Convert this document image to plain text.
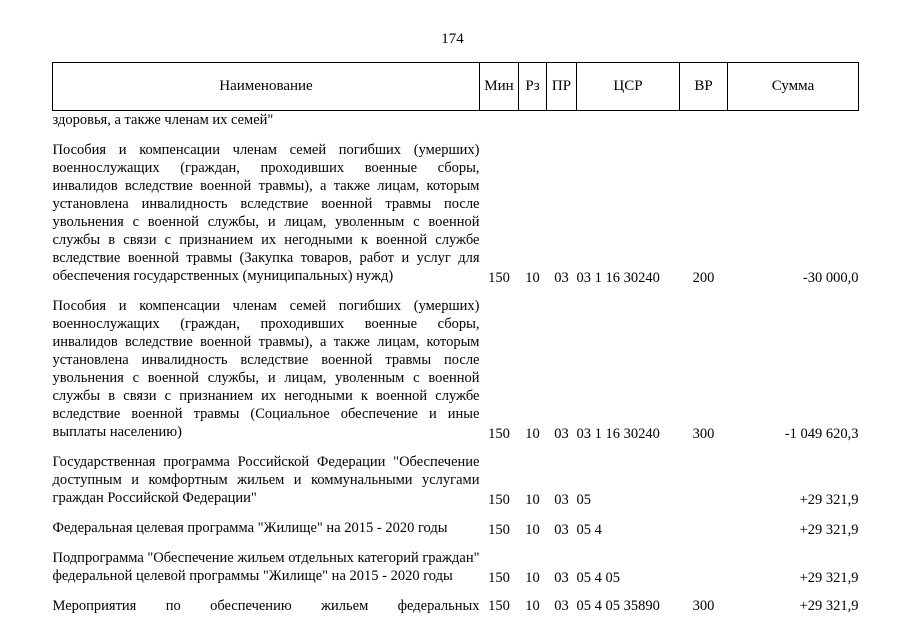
174
Наименование	Мин	Рз	ПР	ЦСР	ВР	Сумма
здоровья, а также членам их семей"						
Пособия и компенсации членам семей погибших (умерших) военнослужащих (граждан, проходивших военные сборы, инвалидов вследствие военной травмы), а также лицам, которым установлена инвалидность вследствие военной травмы после увольнения с военной службы, и лицам, уволенным с военной службы в связи с признанием их негодными к военной службе вследствие военной травмы (Закупка товаров, работ и услуг для обеспечения государственных (муниципальных) нужд)	150	10	03	03 1 16 30240	200	-30 000,0
Пособия и компенсации членам семей погибших (умерших) военнослужащих (граждан, проходивших военные сборы, инвалидов вследствие военной травмы), а также лицам, которым установлена инвалидность вследствие военной травмы после увольнения с военной службы, и лицам, уволенным с военной службы в связи с признанием их негодными к военной службе вследствие военной травмы (Социальное обеспечение и иные выплаты населению)	150	10	03	03 1 16 30240	300	-1 049 620,3
Государственная программа Российской Федерации "Обеспечение доступным и комфортным жильем и коммунальными услугами граждан Российской Федерации"	150	10	03	05		+29 321,9
Федеральная целевая программа "Жилище" на 2015 - 2020 годы	150	10	03	05 4		+29 321,9
Подпрограмма "Обеспечение жильем отдельных категорий граждан" федеральной целевой программы "Жилище" на 2015 - 2020 годы	150	10	03	05 4 05		+29 321,9
Мероприятия по обеспечению жильем федеральных	150	10	03	05 4 05 35890	300	+29 321,9
